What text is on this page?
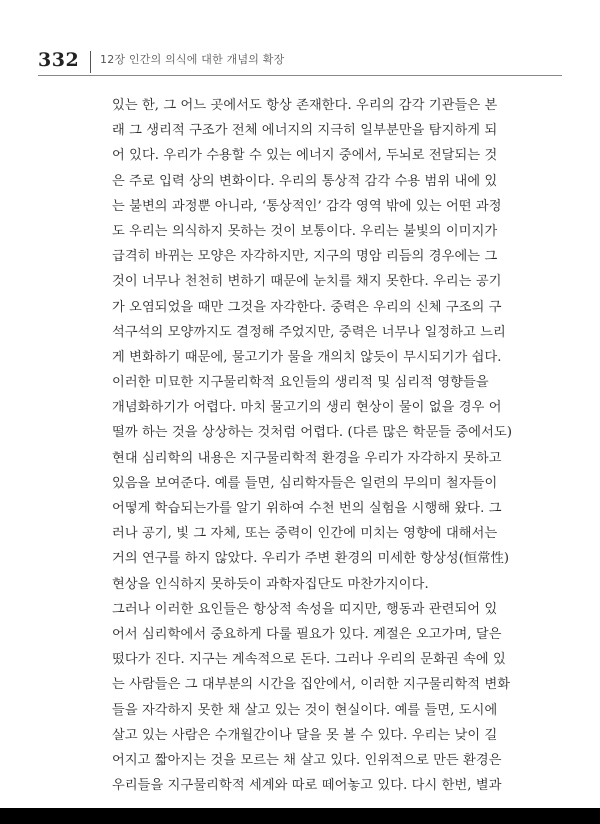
332 12장 인간의 의식에 대한 개념의 확장
있는 한, 그 어느 곳에서도 항상 존재한다. 우리의 감각 기관들은 본
래 그 생리적 구조가 전체 에너지의 지극히 일부분만을 탐지하게 되
어 있다. 우리가 수용할 수 있는 에너지 중에서, 두뇌로 전달되는 것
은 주로 입력 상의 변화이다. 우리의 통상적 감각 수용 범위 내에 있
는 불변의 과정뿐 아니라, ‘통상적인’ 감각 영역 밖에 있는 어떤 과정
도 우리는 의식하지 못하는 것이 보통이다. 우리는 불빛의 이미지가
급격히 바뀌는 모양은 자각하지만, 지구의 명암 리듬의 경우에는 그
것이 너무나 천천히 변하기 때문에 눈치를 채지 못한다. 우리는 공기
가 오염되었을 때만 그것을 자각한다. 중력은 우리의 신체 구조의 구
석구석의 모양까지도 결정해 주었지만, 중력은 너무나 일정하고 느리
게 변화하기 때문에, 물고기가 물을 개의치 않듯이 무시되기가 쉽다.
이러한 미묘한 지구물리학적 요인들의 생리적 및 심리적 영향들을
개념화하기가 어렵다. 마치 물고기의 생리 현상이 물이 없을 경우 어
떨까 하는 것을 상상하는 것처럼 어렵다. (다른 많은 학문들 중에서도)
현대 심리학의 내용은 지구물리학적 환경을 우리가 자각하지 못하고
있음을 보여준다. 예를 들면, 심리학자들은 일련의 무의미 철자들이
어떻게 학습되는가를 알기 위하여 수천 번의 실험을 시행해 왔다. 그
러나 공기, 빛 그 자체, 또는 중력이 인간에 미치는 영향에 대해서는
거의 연구를 하지 않았다. 우리가 주변 환경의 미세한 항상성(恒常性)
현상을 인식하지 못하듯이 과학자집단도 마찬가지이다.
그러나 이러한 요인들은 항상적 속성을 띠지만, 행동과 관련되어 있
어서 심리학에서 중요하게 다룰 필요가 있다. 계절은 오고가며, 달은
떴다가 진다. 지구는 계속적으로 돈다. 그러나 우리의 문화권 속에 있
는 사람들은 그 대부분의 시간을 집안에서, 이러한 지구물리학적 변화
들을 자각하지 못한 채 살고 있는 것이 현실이다. 예를 들면, 도시에
살고 있는 사람은 수개월간이나 달을 못 볼 수 있다. 우리는 낮이 길
어지고 짧아지는 것을 모르는 채 살고 있다. 인위적으로 만든 환경은
우리들을 지구물리학적 세계와 따로 떼어놓고 있다. 다시 한번, 별과
